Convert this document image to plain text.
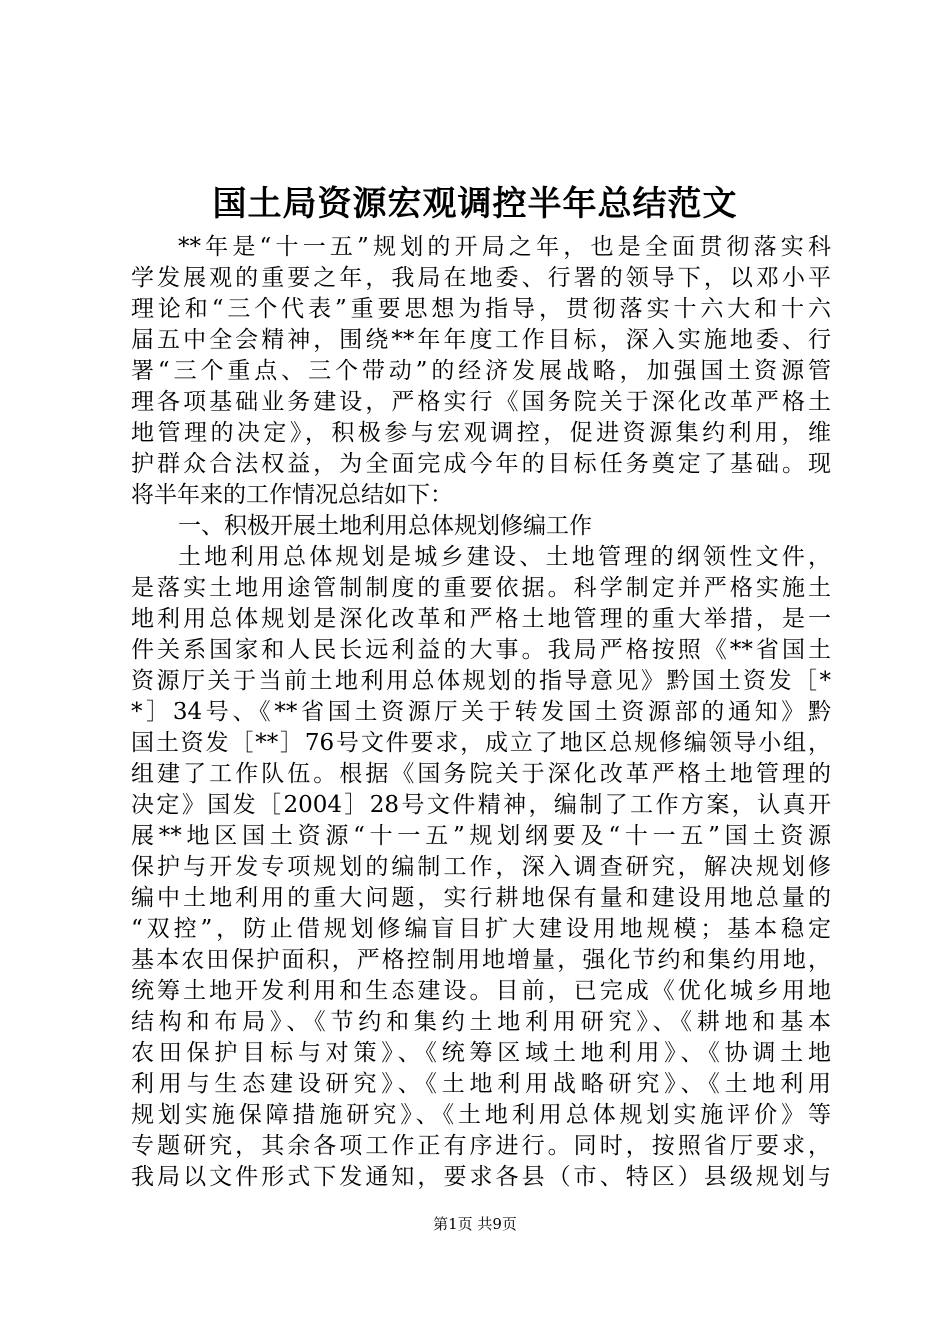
国土局资源宏观调控半年总结范文
**年是“十一五”规划的开局之年，也是全面贯彻落实科
学发展观的重要之年，我局在地委、行署的领导下，以邓小平
理论和“三个代表”重要思想为指导，贯彻落实十六大和十六
届五中全会精神，围绕**年年度工作目标，深入实施地委、行
署“三个重点、三个带动”的经济发展战略，加强国土资源管
理各项基础业务建设，严格实行《国务院关于深化改革严格土
地管理的决定》，积极参与宏观调控，促进资源集约利用，维
护群众合法权益，为全面完成今年的目标任务奠定了基础。现
将半年来的工作情况总结如下：
一、积极开展土地利用总体规划修编工作
土地利用总体规划是城乡建设、土地管理的纲领性文件，
是落实土地用途管制制度的重要依据。科学制定并严格实施土
地利用总体规划是深化改革和严格土地管理的重大举措，是一
件关系国家和人民长远利益的大事。我局严格按照《**省国土
资源厅关于当前土地利用总体规划的指导意见》黔国土资发［*
*］34号、《**省国土资源厅关于转发国土资源部的通知》黔
国土资发［**］76号文件要求，成立了地区总规修编领导小组，
组建了工作队伍。根据《国务院关于深化改革严格土地管理的
决定》国发［2004］28号文件精神，编制了工作方案，认真开
展**地区国土资源“十一五”规划纲要及“十一五”国土资源
保护与开发专项规划的编制工作，深入调查研究，解决规划修
编中土地利用的重大问题，实行耕地保有量和建设用地总量的
“双控”，防止借规划修编盲目扩大建设用地规模；基本稳定
基本农田保护面积，严格控制用地增量，强化节约和集约用地，
统筹土地开发利用和生态建设。目前，已完成《优化城乡用地
结构和布局》、《节约和集约土地利用研究》、《耕地和基本
农田保护目标与对策》、《统筹区域土地利用》、《协调土地
利用与生态建设研究》、《土地利用战略研究》、《土地利用
规划实施保障措施研究》、《土地利用总体规划实施评价》等
专题研究，其余各项工作正有序进行。同时，按照省厅要求，
我局以文件形式下发通知，要求各县（市、特区）县级规划与
第1页 共9页
